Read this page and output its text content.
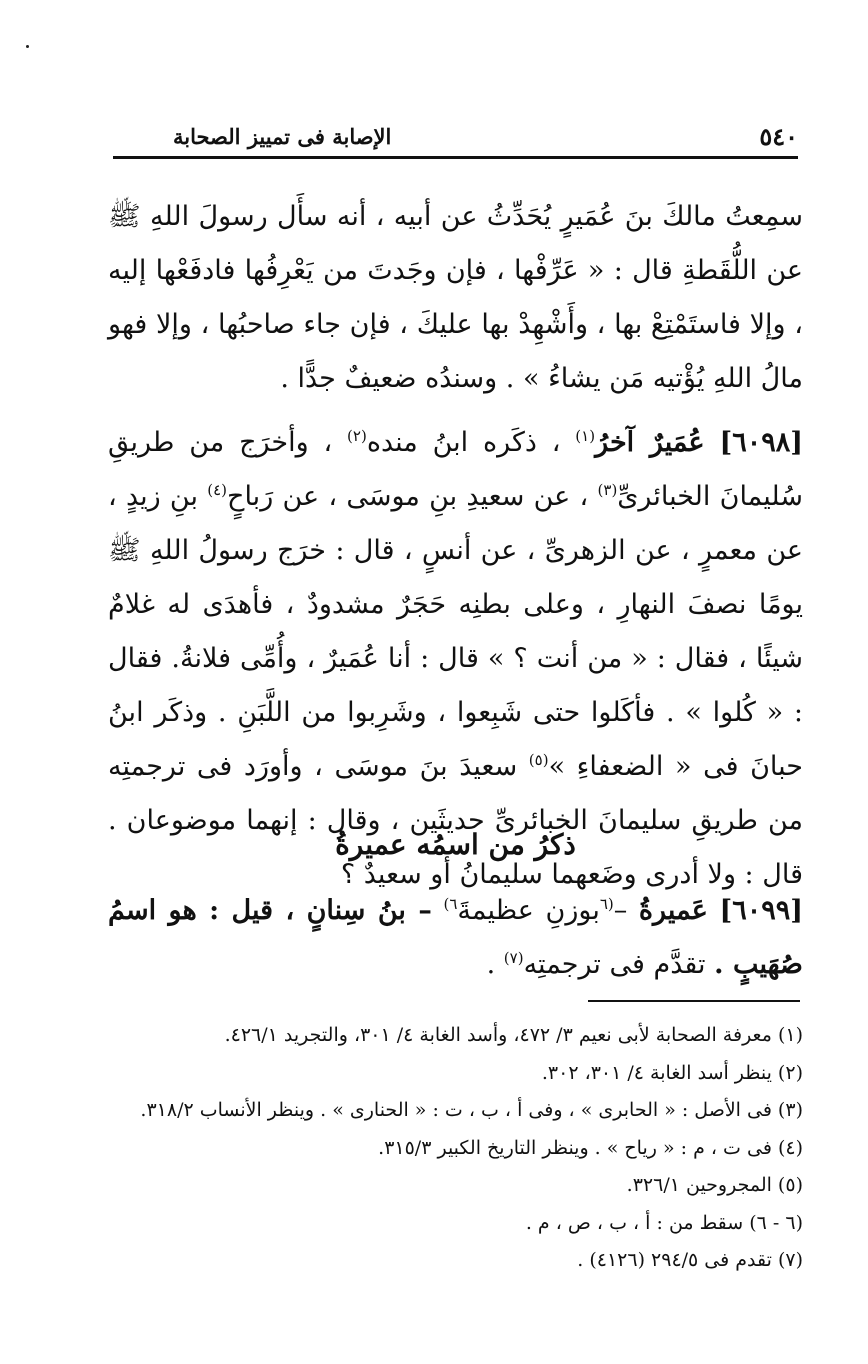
٥٤٠
الإصابة فى تمييز الصحابة

سمِعتُ مالكَ بنَ عُمَيرٍ يُحَدِّثُ عن أبيه ، أنه سأَل رسولَ اللهِ ﷺ عن اللُّقَطةِ قال : « عَرِّفْها ، فإن وجَدتَ من يَعْرِفُها فادفَعْها إليه ، وإلا فاستَمْتِعْ بها ، وأَشْهِدْ بها عليكَ ، فإن جاء صاحبُها ، وإلا فهو مالُ اللهِ يُؤْتيه مَن يشاءُ » . وسندُه ضعيفٌ جدًّا .

[٦٠٩٨] عُمَيرٌ آخرُ$^{(١)}$ ، ذكَره ابنُ منده$^{(٢)}$ ، وأخرَج من طريقِ سُليمانَ الخبائرىِّ$^{(٣)}$ ، عن سعيدِ بنِ موسَى ، عن رَباحٍ$^{(٤)}$ بنِ زيدٍ ، عن معمرٍ ، عن الزهرىِّ ، عن أنسٍ ، قال : خرَج رسولُ اللهِ ﷺ يومًا نصفَ النهارِ ، وعلى بطنِه حَجَرٌ مشدودٌ ، فأهدَى له غلامٌ شيئًا ، فقال : « من أنت ؟ » قال : أنا عُمَيرٌ ، وأُمِّى فلانةُ. فقال : « كُلوا » . فأكَلوا حتى شَبِعوا ، وشَرِبوا من اللَّبَنِ . وذكَر ابنُ حبانَ فى « الضعفاءِ »$^{(٥)}$ سعيدَ بنَ موسَى ، وأورَد فى ترجمتِه من طريقِ سليمانَ الخبائرىِّ حديثَين ، وقال : إنهما موضوعان . قال : ولا أدرى وضَعهما سليمانُ أو سعيدٌ ؟

ذكرُ من اسمُه عميرةُ

[٦٠٩٩] عَميرةُ –$^{(٦}$بوزنِ عظيمةَ$^{٦)}$ – بنُ سِنانٍ ، قيل : هو اسمُ صُهَيبٍ . تقدَّم فى ترجمتِه$^{(٧)}$ .

(١) معرفة الصحابة لأبى نعيم ٣/ ٤٧٢، وأسد الغابة ٤/ ٣٠١، والتجريد ٤٢٦/١.
(٢) ينظر أسد الغابة ٤/ ٣٠١، ٣٠٢.
(٣) فى الأصل : « الحابرى » ، وفى أ ، ب ، ت : « الحنارى » . وينظر الأنساب ٣١٨/٢.
(٤) فى ت ، م : « رياح » . وينظر التاريخ الكبير ٣١٥/٣.
(٥) المجروحين ٣٢٦/١.
(٦ - ٦) سقط من : أ ، ب ، ص ، م .
(٧) تقدم فى ٢٩٤/٥ (٤١٢٦) .
